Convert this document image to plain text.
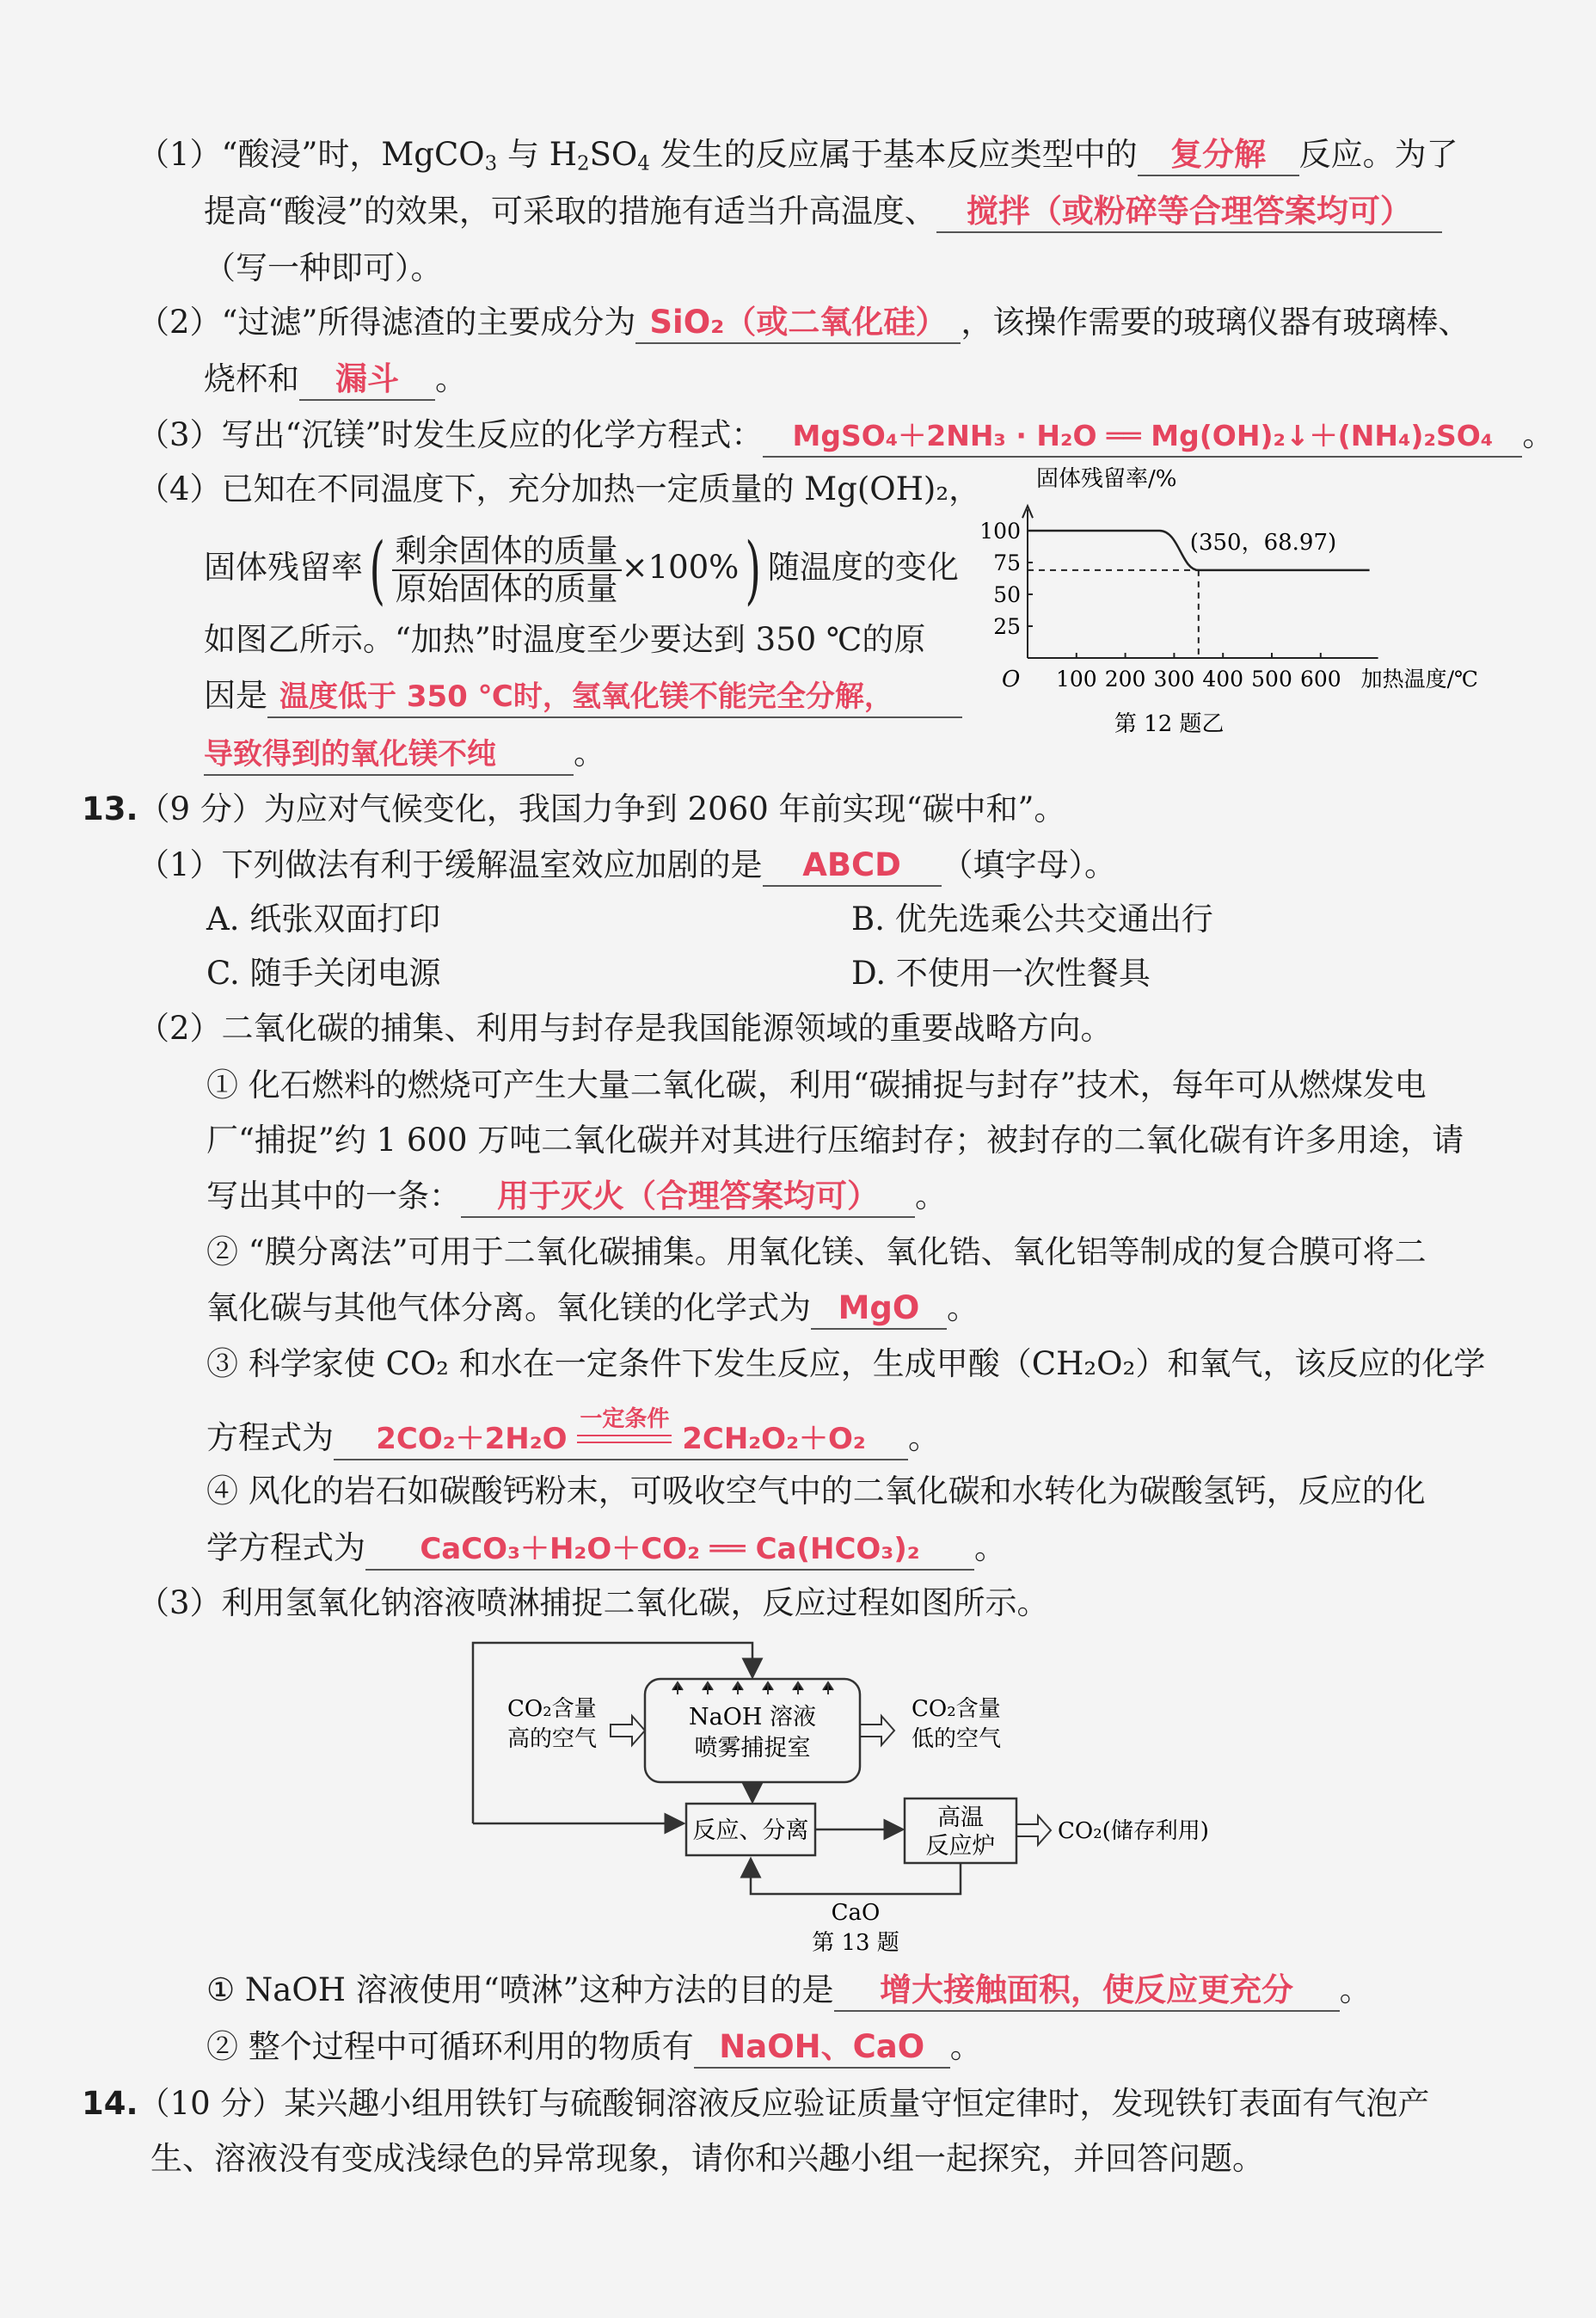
（1）“酸浸”时，MgCO$_3$ 与 $H_2SO_4$ 发生的反应属于基本反应类型中的 复分解 反应。为了
提高“酸浸”的效果，可采取的措施有适当升高温度、 搅拌（或粉碎等合理答案均可）
（写一种即可）。
（2）“过滤”所得滤渣的主要成分为 SiO₂（或二氧化硅） ，该操作需要的玻璃仪器有玻璃棒、
烧杯和 漏斗 。
（3）写出“沉镁”时发生反应的化学方程式： MgSO₄＋2NH₃ · H₂O ══ Mg(OH)₂↓＋(NH₄)₂SO₄ 。
（4）已知在不同温度下，充分加热一定质量的 Mg(OH)₂，
固体残留率( $\frac{\text{剩余固体的质量}}{\text{原始固体的质量}} \times 100\%$) 随温度的变化
如图乙所示。“加热”时温度至少要达到 350 ℃的原
因是 温度低于 350 ℃时，氢氧化镁不能完全分解，
导致得到的氧化镁不纯 。
固体残留率/%
O
25
50
75
100
100 200 300 400 500 600 加热温度/℃
(350，68.97)
第 12 题乙
13.（9 分）为应对气候变化，我国力争到 2060 年前实现“碳中和”。
（1）下列做法有利于缓解温室效应加剧的是 ABCD （填字母）。
A. 纸张双面打印	B. 优先选乘公共交通出行
C. 随手关闭电源	D. 不使用一次性餐具
（2）二氧化碳的捕集、利用与封存是我国能源领域的重要战略方向。
① 化石燃料的燃烧可产生大量二氧化碳，利用“碳捕捉与封存”技术，每年可从燃煤发电
厂“捕捉”约 1 600 万吨二氧化碳并对其进行压缩封存；被封存的二氧化碳有许多用途，请
写出其中的一条： 用于灭火（合理答案均可） 。
② “膜分离法”可用于二氧化碳捕集。用氧化镁、氧化锆、氧化铝等制成的复合膜可将二
氧化碳与其他气体分离。氧化镁的化学式为 MgO 。
③ 科学家使 CO₂ 和水在一定条件下发生反应，生成甲酸（CH₂O₂）和氧气，该反应的化学
方程式为 2CO₂＋2H₂O
一定条件
2CH₂O₂＋O₂ 。
④ 风化的岩石如碳酸钙粉末，可吸收空气中的二氧化碳和水转化为碳酸氢钙，反应的化
学方程式为 CaCO₃＋H₂O＋CO₂ ══ Ca(HCO₃)₂ 。
（3）利用氢氧化钠溶液喷淋捕捉二氧化碳，反应过程如图所示。
NaOH 溶液
喷雾捕捉室
CO₂含量
高的空气
CO₂含量
低的空气
反应、分离	高温
反应炉
CO₂(储存利用)
CaO
第 13 题
① NaOH 溶液使用“喷淋”这种方法的目的是 增大接触面积，使反应更充分 。
② 整个过程中可循环利用的物质有 NaOH、CaO 。
14.（10 分）某兴趣小组用铁钉与硫酸铜溶液反应验证质量守恒定律时，发现铁钉表面有气泡产
生、溶液没有变成浅绿色的异常现象，请你和兴趣小组一起探究，并回答问题。
